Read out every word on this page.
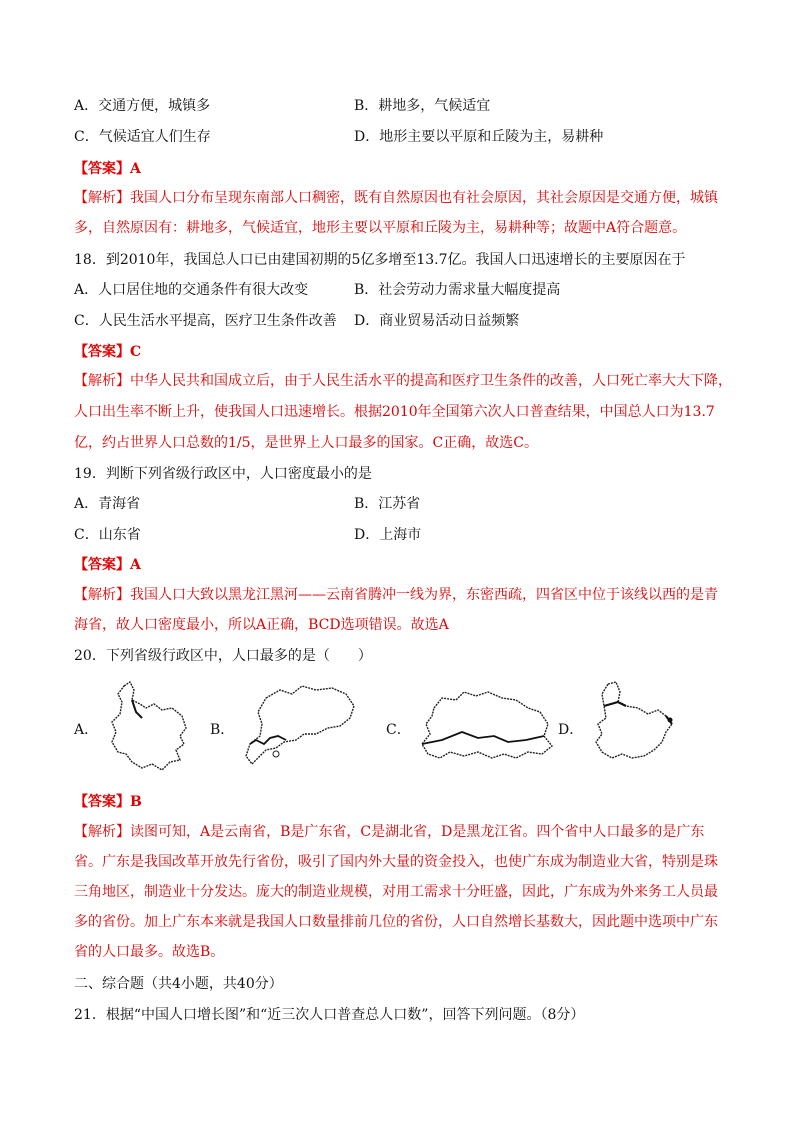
A．交通方便，城镇多	B．耕地多，气候适宜
C．气候适宜人们生存	D．地形主要以平原和丘陵为主，易耕种
【答案】A
【解析】我国人口分布呈现东南部人口稠密，既有自然原因也有社会原因，其社会原因是交通方便，城镇
多，自然原因有：耕地多，气候适宜，地形主要以平原和丘陵为主，易耕种等；故题中A符合题意。
18．到2010年，我国总人口已由建国初期的5亿多增至13.7亿。我国人口迅速增长的主要原因在于
A．人口居住地的交通条件有很大改变	B．社会劳动力需求量大幅度提高
C．人民生活水平提高，医疗卫生条件改善 D．商业贸易活动日益频繁
【答案】C
【解析】中华人民共和国成立后，由于人民生活水平的提高和医疗卫生条件的改善，人口死亡率大大下降，
人口出生率不断上升，使我国人口迅速增长。根据2010年全国第六次人口普查结果，中国总人口为13.7
亿，约占世界人口总数的1/5，是世界上人口最多的国家。C正确，故选C。
19．判断下列省级行政区中，人口密度最小的是
A．青海省	B．江苏省
C．山东省	D．上海市
【答案】A
【解析】我国人口大致以黑龙江黑河——云南省腾冲一线为界，东密西疏，四省区中位于该线以西的是青
海省，故人口密度最小，所以A正确，BCD选项错误。故选A
20．下列省级行政区中，人口最多的是（　　）
A．	B．	C．	D．
【答案】B
【解析】读图可知，A是云南省，B是广东省，C是湖北省，D是黑龙江省。四个省中人口最多的是广东
省。广东是我国改革开放先行省份，吸引了国内外大量的资金投入，也使广东成为制造业大省，特别是珠
三角地区，制造业十分发达。庞大的制造业规模，对用工需求十分旺盛，因此，广东成为外来务工人员最
多的省份。加上广东本来就是我国人口数量排前几位的省份，人口自然增长基数大，因此题中选项中广东
省的人口最多。故选B。
二、综合题（共4小题，共40分）
21．根据“中国人口增长图”和“近三次人口普查总人口数”，回答下列问题。（8分）
